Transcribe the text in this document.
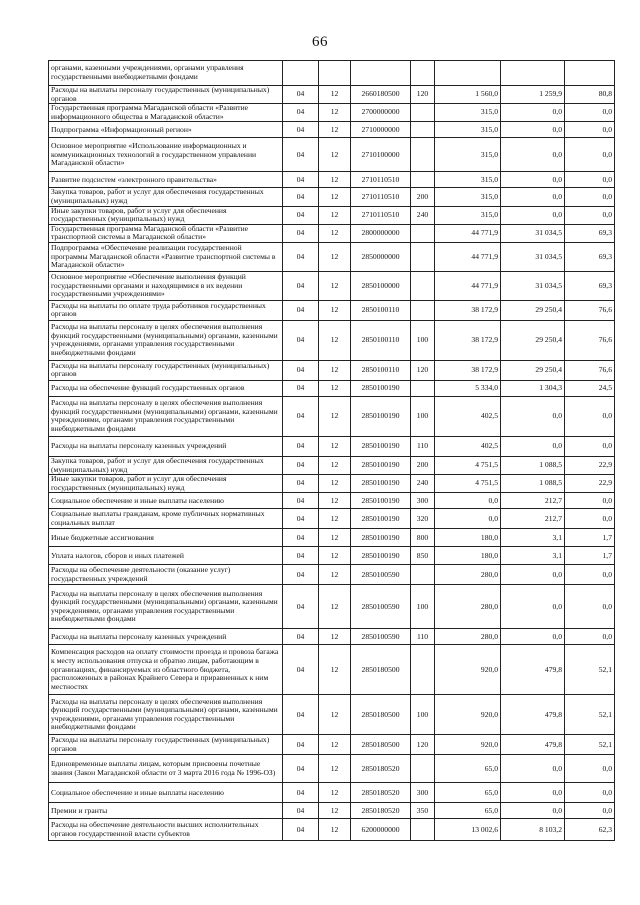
66
органами, казенными учреждениями, органами управления государственными внебюджетными фондами							
Расходы на выплаты персоналу государственных (муниципальных) органов	04	12	2660180500	120	1 560,0	1 259,9	80,8
Государственная программа Магаданской области «Развитие информационного общества в Магаданской области»	04	12	2700000000		315,0	0,0	0,0
Подпрограмма «Информационный регион»	04	12	2710000000		315,0	0,0	0,0
Основное мероприятие «Использование информационных и коммуникационных технологий в государственном управлении Магаданской области»	04	12	2710100000		315,0	0,0	0,0
Развитие подсистем «электронного правительства»	04	12	2710110510		315,0	0,0	0,0
Закупка товаров, работ и услуг для обеспечения государственных (муниципальных) нужд	04	12	2710110510	200	315,0	0,0	0,0
Иные закупки товаров, работ и услуг для обеспечения государственных (муниципальных) нужд	04	12	2710110510	240	315,0	0,0	0,0
Государственная программа Магаданской области «Развитие транспортной системы в Магаданской области»	04	12	2800000000		44 771,9	31 034,5	69,3
Подпрограмма «Обеспечение реализации государственной программы Магаданской области «Развитие транспортной системы в Магаданской области»	04	12	2850000000		44 771,9	31 034,5	69,3
Основное мероприятие «Обеспечение выполнения функций государственными органами и находящимися в их ведении государственными учреждениями»	04	12	2850100000		44 771,9	31 034,5	69,3
Расходы на выплаты по оплате труда работников государственных органов	04	12	2850100110		38 172,9	29 250,4	76,6
Расходы на выплаты персоналу в целях обеспечения выполнения функций государственными (муниципальными) органами, казенными учреждениями, органами управления государственными внебюджетными фондами	04	12	2850100110	100	38 172,9	29 250,4	76,6
Расходы на выплаты персоналу государственных (муниципальных) органов	04	12	2850100110	120	38 172,9	29 250,4	76,6
Расходы на обеспечение функций государственных органов	04	12	2850100190		5 334,0	1 304,3	24,5
Расходы на выплаты персоналу в целях обеспечения выполнения функций государственными (муниципальными) органами, казенными учреждениями, органами управления государственными внебюджетными фондами	04	12	2850100190	100	402,5	0,0	0,0
Расходы на выплаты персоналу казенных учреждений	04	12	2850100190	110	402,5	0,0	0,0
Закупка товаров, работ и услуг для обеспечения государственных (муниципальных) нужд	04	12	2850100190	200	4 751,5	1 088,5	22,9
Иные закупки товаров, работ и услуг для обеспечения государственных (муниципальных) нужд	04	12	2850100190	240	4 751,5	1 088,5	22,9
Социальное обеспечение и иные выплаты населению	04	12	2850100190	300	0,0	212,7	0,0
Социальные выплаты гражданам, кроме публичных нормативных социальных выплат	04	12	2850100190	320	0,0	212,7	0,0
Иные бюджетные ассигнования	04	12	2850100190	800	180,0	3,1	1,7
Уплата налогов, сборов и иных платежей	04	12	2850100190	850	180,0	3,1	1,7
Расходы на обеспечение деятельности (оказание услуг) государственных учреждений	04	12	2850100590		280,0	0,0	0,0
Расходы на выплаты персоналу в целях обеспечения выполнения функций государственными (муниципальными) органами, казенными учреждениями, органами управления государственными внебюджетными фондами	04	12	2850100590	100	280,0	0,0	0,0
Расходы на выплаты персоналу казенных учреждений	04	12	2850100590	110	280,0	0,0	0,0
Компенсация расходов на оплату стоимости проезда и провоза багажа к месту использования отпуска и обратно лицам, работающим в организациях, финансируемых из областного бюджета, расположенных в районах Крайнего Севера и приравненных к ним местностях	04	12	2850180500		920,0	479,8	52,1
Расходы на выплаты персоналу в целях обеспечения выполнения функций государственными (муниципальными) органами, казенными учреждениями, органами управления государственными внебюджетными фондами	04	12	2850180500	100	920,0	479,8	52,1
Расходы на выплаты персоналу государственных (муниципальных) органов	04	12	2850180500	120	920,0	479,8	52,1
Единовременные выплаты лицам, которым присвоены почетные звания (Закон Магаданской области от 3 марта 2016 года № 1996-ОЗ)	04	12	2850180520		65,0	0,0	0,0
Социальное обеспечение и иные выплаты населению	04	12	2850180520	300	65,0	0,0	0,0
Премии и гранты	04	12	2850180520	350	65,0	0,0	0,0
Расходы на обеспечение деятельности высших исполнительных органов государственной власти субъектов	04	12	6200000000		13 002,6	8 103,2	62,3
